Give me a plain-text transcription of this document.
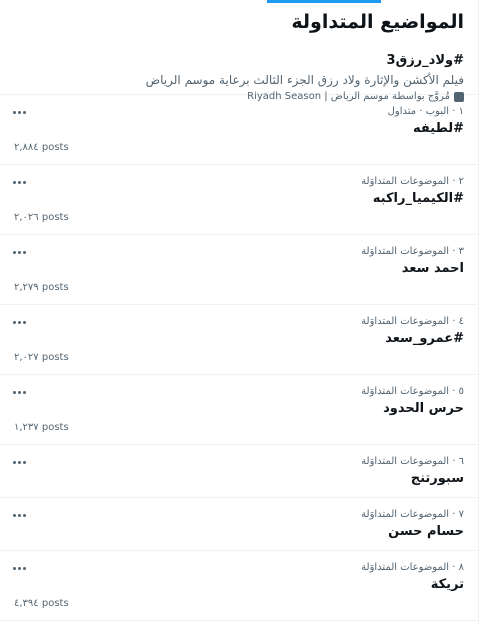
المواضيع المتداولة
#ولاد_رزق3
فيلم الأكشن والإثارة ولاد رزق الجزء الثالث برعاية موسم الرياض
مُروَّج بواسطة موسم الرياض | Riyadh Season
١ · البوب · متداول
#لطيفه
٢,٨٨٤ posts
٢ · الموضوعات المتداوَلة
#الكيميا_راكبه
٢,٠٢٦ posts
٣ · الموضوعات المتداوَلة
احمد سعد
٢,٢٧٩ posts
٤ · الموضوعات المتداوَلة
#عمرو_سعد
٢,٠٢٧ posts
٥ · الموضوعات المتداوَلة
حرس الحدود
١,٢٣٧ posts
٦ · الموضوعات المتداوَلة
سبورتنج
٧ · الموضوعات المتداوَلة
حسام حسن
٨ · الموضوعات المتداوَلة
تريكة
٤,٣٩٤ posts
